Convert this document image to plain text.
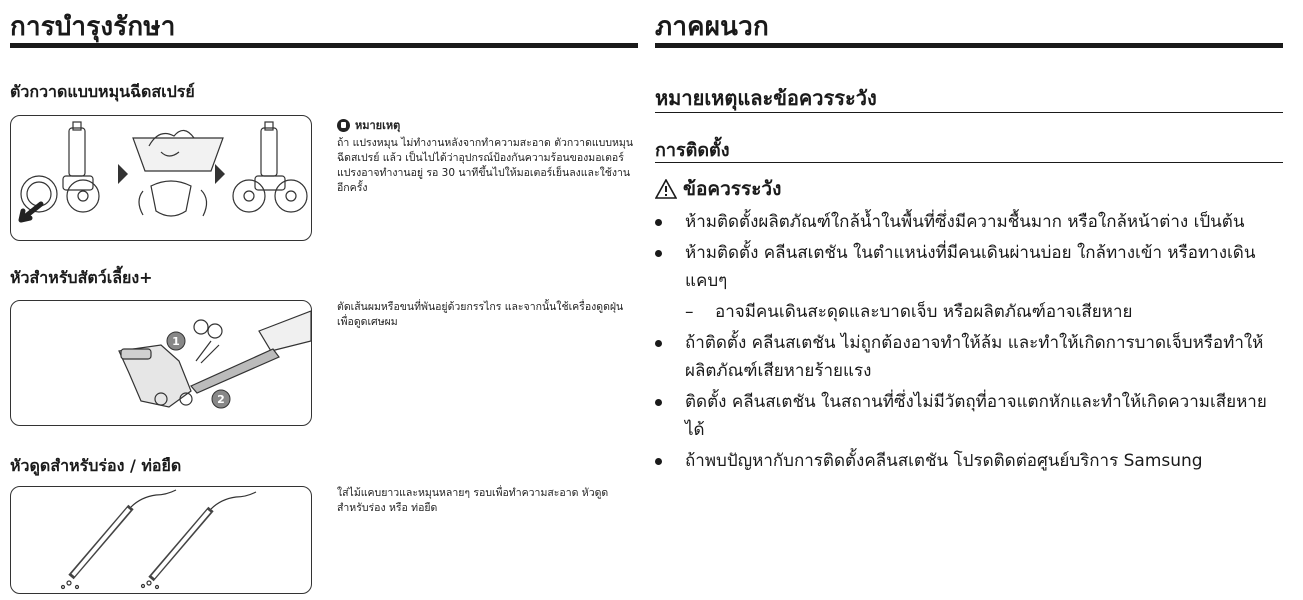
การบำรุงรักษา
ตัวกวาดแบบหมุนฉีดสเปรย์
หมายเหตุ
ถ้า แปรงหมุน ไม่ทำงานหลังจากทำความสะอาด ตัวกวาดแบบหมุนฉีดสเปรย์ แล้ว เป็นไปได้ว่าอุปกรณ์ป้องกันความร้อนของมอเตอร์แปรงอาจทำงานอยู่ รอ 30 นาทีขึ้นไปให้มอเตอร์เย็นลงและใช้งานอีกครั้ง
หัวสำหรับสัตว์เลี้ยง+
1
2
ตัดเส้นผมหรือขนที่พันอยู่ด้วยกรรไกร และจากนั้นใช้เครื่องดูดฝุ่นเพื่อดูดเศษผม
หัวดูดสำหรับร่อง / ท่อยืด
ใส่ไม้แคบยาวและหมุนหลายๆ รอบเพื่อทำความสะอาด หัวดูดสำหรับร่อง หรือ ท่อยืด
ภาคผนวก
หมายเหตุและข้อควรระวัง
การติดตั้ง
ข้อควรระวัง
ห้ามติดตั้งผลิตภัณฑ์ใกล้น้ำในพื้นที่ซึ่งมีความชื้นมาก หรือใกล้หน้าต่าง เป็นต้น
ห้ามติดตั้ง คลีนสเตชัน ในตำแหน่งที่มีคนเดินผ่านบ่อย ใกล้ทางเข้า หรือทางเดินแคบๆ
– อาจมีคนเดินสะดุดและบาดเจ็บ หรือผลิตภัณฑ์อาจเสียหาย
ถ้าติดตั้ง คลีนสเตชัน ไม่ถูกต้องอาจทำให้ล้ม และทำให้เกิดการบาดเจ็บหรือทำให้ผลิตภัณฑ์เสียหายร้ายแรง
ติดตั้ง คลีนสเตชัน ในสถานที่ซึ่งไม่มีวัตถุที่อาจแตกหักและทำให้เกิดความเสียหายได้
ถ้าพบปัญหากับการติดตั้งคลีนสเตชัน โปรดติดต่อศูนย์บริการ Samsung
